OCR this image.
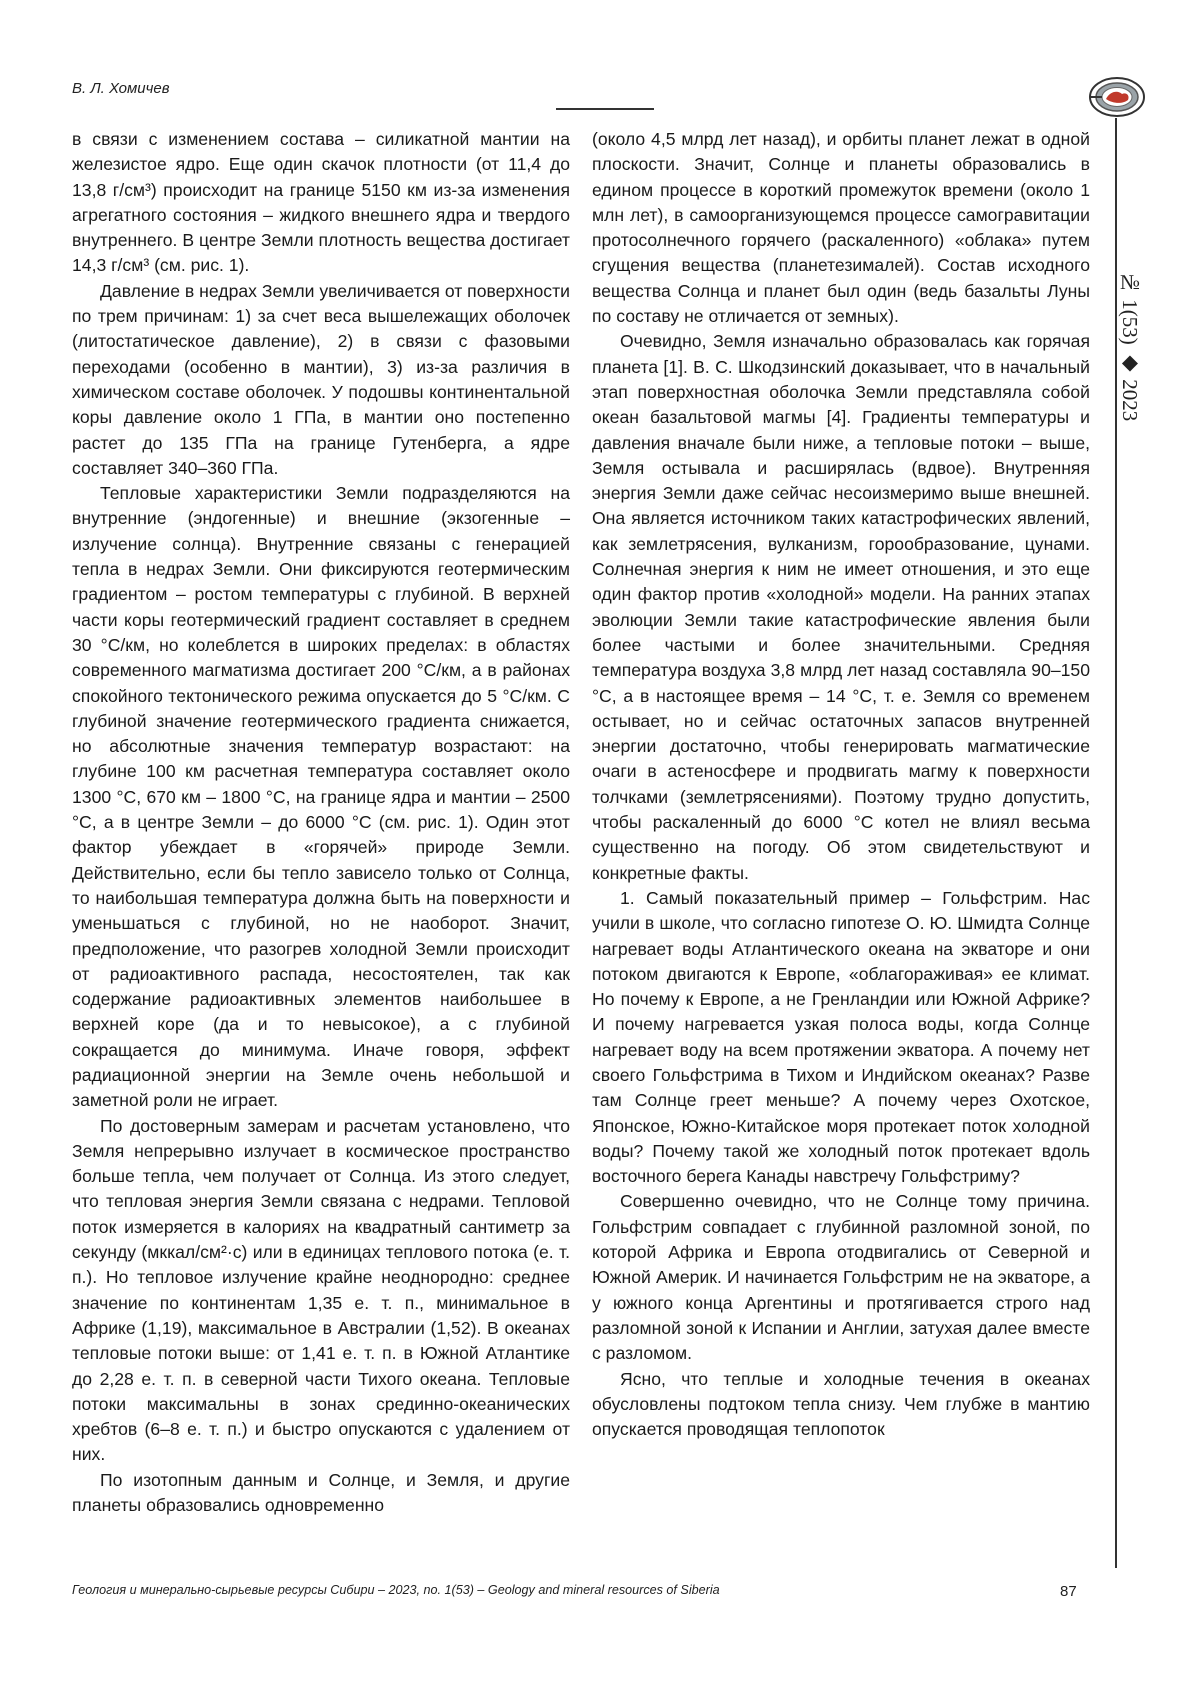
В. Л. Хомичев
№ 1(53) ◆ 2023

в связи с изменением состава – силикатной мантии на железистое ядро. Еще один скачок плотности (от 11,4 до 13,8 г/см³) происходит на границе 5150 км из-за изменения агрегатного состояния – жидкого внешнего ядра и твердого внутреннего. В центре Земли плотность вещества достигает 14,3 г/см³ (см. рис. 1).

Давление в недрах Земли увеличивается от поверхности по трем причинам: 1) за счет веса вышележащих оболочек (литостатическое давление), 2) в связи с фазовыми переходами (особенно в мантии), 3) из-за различия в химическом составе оболочек. У подошвы континентальной коры давление около 1 ГПа, в мантии оно постепенно растет до 135 ГПа на границе Гутенберга, а ядре составляет 340–360 ГПа.

Тепловые характеристики Земли подразделяются на внутренние (эндогенные) и внешние (экзогенные – излучение солнца). Внутренние связаны с генерацией тепла в недрах Земли. Они фиксируются геотермическим градиентом – ростом температуры с глубиной. В верхней части коры геотермический градиент составляет в среднем 30 °С/км, но колеблется в широких пределах: в областях современного магматизма достигает 200 °С/км, а в районах спокойного тектонического режима опускается до 5 °С/км. С глубиной значение геотермического градиента снижается, но абсолютные значения температур возрастают: на глубине 100 км расчетная температура составляет около 1300 °С, 670 км – 1800 °С, на границе ядра и мантии – 2500 °С, а в центре Земли – до 6000 °С (см. рис. 1). Один этот фактор убеждает в «горячей» природе Земли. Действительно, если бы тепло зависело только от Солнца, то наибольшая температура должна быть на поверхности и уменьшаться с глубиной, но не наоборот. Значит, предположение, что разогрев холодной Земли происходит от радиоактивного распада, несостоятелен, так как содержание радиоактивных элементов наибольшее в верхней коре (да и то невысокое), а с глубиной сокращается до минимума. Иначе говоря, эффект радиационной энергии на Земле очень небольшой и заметной роли не играет.

По достоверным замерам и расчетам установлено, что Земля непрерывно излучает в космическое пространство больше тепла, чем получает от Солнца. Из этого следует, что тепловая энергия Земли связана с недрами. Тепловой поток измеряется в калориях на квадратный сантиметр за секунду (мккал/см²·с) или в единицах теплового потока (е. т. п.). Но тепловое излучение крайне неоднородно: среднее значение по континентам 1,35 е. т. п., минимальное в Африке (1,19), максимальное в Австралии (1,52). В океанах тепловые потоки выше: от 1,41 е. т. п. в Южной Атлантике до 2,28 е. т. п. в северной части Тихого океана. Тепловые потоки максимальны в зонах срединно-океанических хребтов (6–8 е. т. п.) и быстро опускаются с удалением от них.

По изотопным данным и Солнце, и Земля, и другие планеты образовались одновременно

(около 4,5 млрд лет назад), и орбиты планет лежат в одной плоскости. Значит, Солнце и планеты образовались в едином процессе в короткий промежуток времени (около 1 млн лет), в самоорганизующемся процессе самогравитации протосолнечного горячего (раскаленного) «облака» путем сгущения вещества (планетезималей). Состав исходного вещества Солнца и планет был один (ведь базальты Луны по составу не отличается от земных).

Очевидно, Земля изначально образовалась как горячая планета [1]. В. С. Шкодзинский доказывает, что в начальный этап поверхностная оболочка Земли представляла собой океан базальтовой магмы [4]. Градиенты температуры и давления вначале были ниже, а тепловые потоки – выше, Земля остывала и расширялась (вдвое). Внутренняя энергия Земли даже сейчас несоизмеримо выше внешней. Она является источником таких катастрофических явлений, как землетрясения, вулканизм, горообразование, цунами. Солнечная энергия к ним не имеет отношения, и это еще один фактор против «холодной» модели. На ранних этапах эволюции Земли такие катастрофические явления были более частыми и более значительными. Средняя температура воздуха 3,8 млрд лет назад составляла 90–150 °С, а в настоящее время – 14 °С, т. е. Земля со временем остывает, но и сейчас остаточных запасов внутренней энергии достаточно, чтобы генерировать магматические очаги в астеносфере и продвигать магму к поверхности толчками (землетрясениями). Поэтому трудно допустить, чтобы раскаленный до 6000 °С котел не влиял весьма существенно на погоду. Об этом свидетельствуют и конкретные факты.

1. Самый показательный пример – Гольфстрим. Нас учили в школе, что согласно гипотезе О. Ю. Шмидта Солнце нагревает воды Атлантического океана на экваторе и они потоком двигаются к Европе, «облагораживая» ее климат. Но почему к Европе, а не Гренландии или Южной Африке? И почему нагревается узкая полоса воды, когда Солнце нагревает воду на всем протяжении экватора. А почему нет своего Гольфстрима в Тихом и Индийском океанах? Разве там Солнце греет меньше? А почему через Охотское, Японское, Южно-Китайское моря протекает поток холодной воды? Почему такой же холодный поток протекает вдоль восточного берега Канады навстречу Гольфстриму?

Совершенно очевидно, что не Солнце тому причина. Гольфстрим совпадает с глубинной разломной зоной, по которой Африка и Европа отодвигались от Северной и Южной Америк. И начинается Гольфстрим не на экваторе, а у южного конца Аргентины и протягивается строго над разломной зоной к Испании и Англии, затухая далее вместе с разломом.

Ясно, что теплые и холодные течения в океанах обусловлены подтоком тепла снизу. Чем глубже в мантию опускается проводящая теплопоток

Геология и минерально-сырьевые ресурсы Сибири – 2023, no. 1(53) – Geology and mineral resources of Siberia	87
